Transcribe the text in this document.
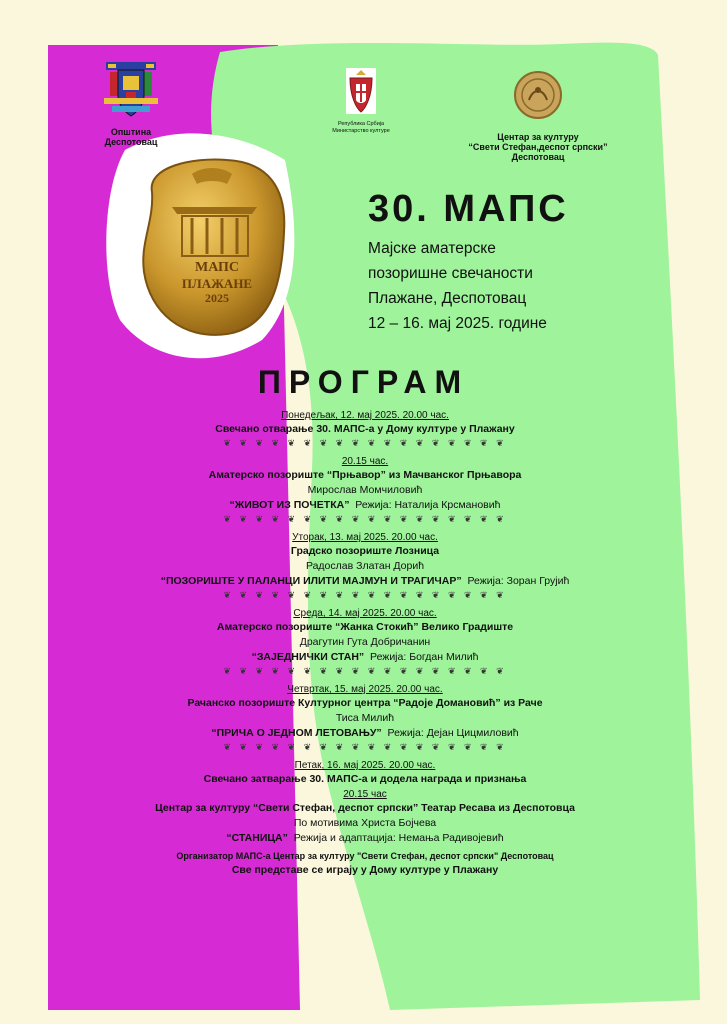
Општина
Деспотовац
Република Србија
Министарство културе
Центар за културу
“Свети Стефан,деспот српски”
Деспотовац
МАПС
ПЛАЖАНЕ
2025
30. МАПС
Мајске аматерске
позоришне свечаности
Плажане, Деспотовац
12 – 16. мај 2025. године
ПРОГРАМ
Понедељак, 12. мај 2025. 20.00 час.
Свечано отварање 30. МАПС-а у Дому културе у Плажану
❦ ❦ ❦ ❦ ❦ ❦ ❦ ❦ ❦ ❦ ❦ ❦ ❦ ❦ ❦ ❦ ❦ ❦
20.15 час.
Аматерско позориште “Прњавор” из Мачванског Прњавора
Мирослав Момчиловић
“ЖИВОТ ИЗ ПОЧЕТКА” Режија: Наталија Крсмановић
❦ ❦ ❦ ❦ ❦ ❦ ❦ ❦ ❦ ❦ ❦ ❦ ❦ ❦ ❦ ❦ ❦ ❦
Уторак, 13. мај 2025. 20.00 час.
Градско позориште Лозница
Радослав Златан Дорић
“ПОЗОРИШТЕ У ПАЛАНЦИ ИЛИТИ МАЈМУН И ТРАГИЧАР” Режија: Зоран Грујић
❦ ❦ ❦ ❦ ❦ ❦ ❦ ❦ ❦ ❦ ❦ ❦ ❦ ❦ ❦ ❦ ❦ ❦
Среда, 14. мај 2025. 20.00 час.
Аматерско позориште “Жанка Стокић” Велико Градиште
Драгутин Гута Добричанин
“ЗАЈЕДНИЧКИ СТАН” Режија: Богдан Милић
❦ ❦ ❦ ❦ ❦ ❦ ❦ ❦ ❦ ❦ ❦ ❦ ❦ ❦ ❦ ❦ ❦ ❦
Четвртак, 15. мај 2025. 20.00 час.
Рачанско позориште Културног центра “Радоје Домановић” из Раче
Тиса Милић
“ПРИЧА О ЈЕДНОМ ЛЕТОВАЊУ” Режија: Дејан Цицмиловић
❦ ❦ ❦ ❦ ❦ ❦ ❦ ❦ ❦ ❦ ❦ ❦ ❦ ❦ ❦ ❦ ❦ ❦
Петак, 16. мај 2025. 20.00 час.
Свечано затварање 30. МАПС-а и додела награда и признања
20.15 час
Центар за културу “Свети Стефан, деспот српски” Театар Ресава из Деспотовца
По мотивима Христа Бојчева
“СТАНИЦА” Режија и адаптација: Немања Радивојевић
Организатор МАПС-а Центар за културу "Свети Стефан, деспот српски" Деспотовац
Све представе се играју у Дому културе у Плажану
